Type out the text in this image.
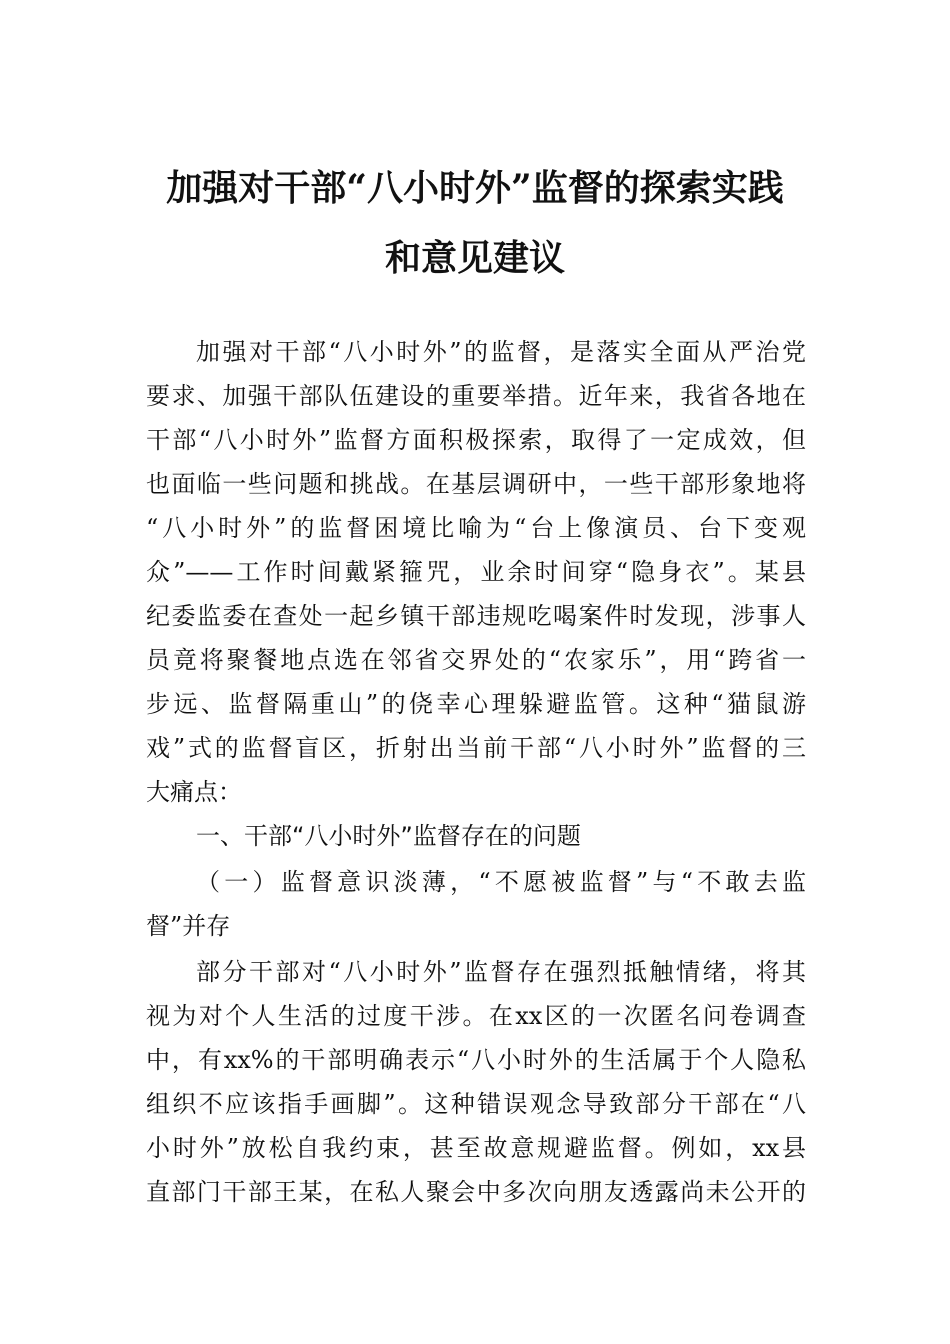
加强对干部“八小时外”监督的探索实践
和意见建议
加强对干部“八小时外”的监督，是落实全面从严治党
要求、加强干部队伍建设的重要举措。近年来，我省各地在
干部“八小时外”监督方面积极探索，取得了一定成效，但
也面临一些问题和挑战。在基层调研中，一些干部形象地将
“八小时外”的监督困境比喻为“台上像演员、台下变观
众”——工作时间戴紧箍咒，业余时间穿“隐身衣”。某县
纪委监委在查处一起乡镇干部违规吃喝案件时发现，涉事人
员竟将聚餐地点选在邻省交界处的“农家乐”，用“跨省一
步远、监督隔重山”的侥幸心理躲避监管。这种“猫鼠游
戏”式的监督盲区，折射出当前干部“八小时外”监督的三
大痛点：
一、干部“八小时外”监督存在的问题
（一）监督意识淡薄，“不愿被监督”与“不敢去监
督”并存
部分干部对“八小时外”监督存在强烈抵触情绪，将其
视为对个人生活的过度干涉。在xx区的一次匿名问卷调查
中，有xx%的干部明确表示“八小时外的生活属于个人隐私
组织不应该指手画脚”。这种错误观念导致部分干部在“八
小时外”放松自我约束，甚至故意规避监督。例如，xx县
直部门干部王某，在私人聚会中多次向朋友透露尚未公开的
